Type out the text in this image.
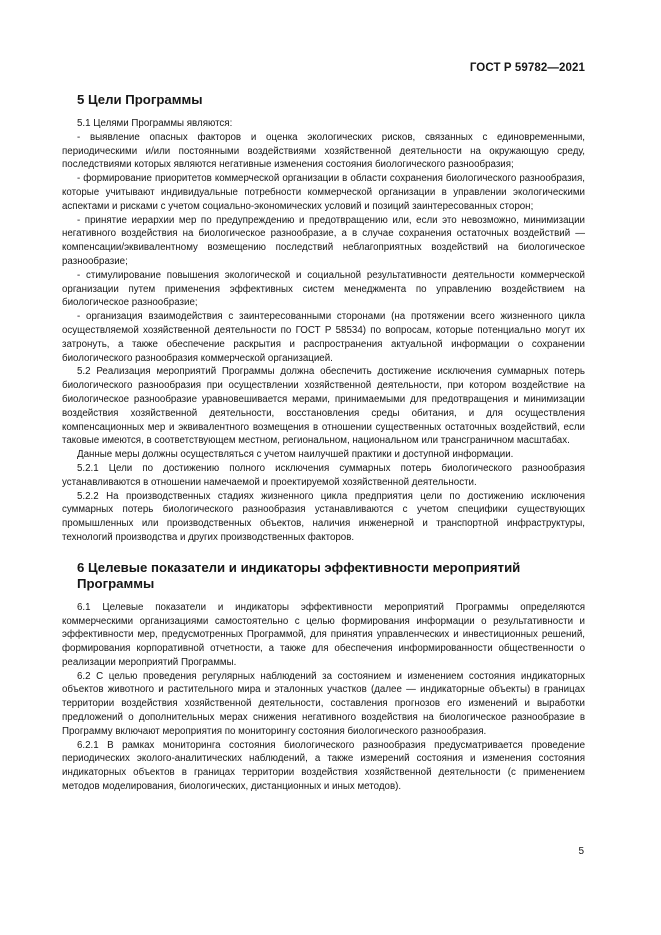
ГОСТ Р 59782—2021
5 Цели Программы

5.1 Целями Программы являются:

- выявление опасных факторов и оценка экологических рисков, связанных с единовременными, периодическими и/или постоянными воздействиями хозяйственной деятельности на окружающую среду, последствиями которых являются негативные изменения состояния биологического разнообразия;

- формирование приоритетов коммерческой организации в области сохранения биологического разнообразия, которые учитывают индивидуальные потребности коммерческой организации в управлении экологическими аспектами и рисками с учетом социально-экономических условий и позиций заинтересованных сторон;

- принятие иерархии мер по предупреждению и предотвращению или, если это невозможно, минимизации негативного воздействия на биологическое разнообразие, а в случае сохранения остаточных воздействий — компенсации/эквивалентному возмещению последствий неблагоприятных воздействий на биологическое разнообразие;

- стимулирование повышения экологической и социальной результативности деятельности коммерческой организации путем применения эффективных систем менеджмента по управлению воздействием на биологическое разнообразие;

- организация взаимодействия с заинтересованными сторонами (на протяжении всего жизненного цикла осуществляемой хозяйственной деятельности по ГОСТ Р 58534) по вопросам, которые потенциально могут их затронуть, а также обеспечение раскрытия и распространения актуальной информации о сохранении биологического разнообразия коммерческой организацией.

5.2 Реализация мероприятий Программы должна обеспечить достижение исключения суммарных потерь биологического разнообразия при осуществлении хозяйственной деятельности, при котором воздействие на биологическое разнообразие уравновешивается мерами, принимаемыми для предотвращения и минимизации воздействия хозяйственной деятельности, восстановления среды обитания, и для осуществления компенсационных мер и эквивалентного возмещения в отношении существенных остаточных воздействий, если таковые имеются, в соответствующем местном, региональном, национальном или трансграничном масштабах.

Данные меры должны осуществляться с учетом наилучшей практики и доступной информации.

5.2.1 Цели по достижению полного исключения суммарных потерь биологического разнообразия устанавливаются в отношении намечаемой и проектируемой хозяйственной деятельности.

5.2.2 На производственных стадиях жизненного цикла предприятия цели по достижению исключения суммарных потерь биологического разнообразия устанавливаются с учетом специфики существующих промышленных или производственных объектов, наличия инженерной и транспортной инфраструктуры, технологий производства и других производственных факторов.

6 Целевые показатели и индикаторы эффективности мероприятий Программы

6.1 Целевые показатели и индикаторы эффективности мероприятий Программы определяются коммерческими организациями самостоятельно с целью формирования информации о результативности и эффективности мер, предусмотренных Программой, для принятия управленческих и инвестиционных решений, формирования корпоративной отчетности, а также для обеспечения информированности общественности о реализации мероприятий Программы.

6.2 С целью проведения регулярных наблюдений за состоянием и изменением состояния индикаторных объектов животного и растительного мира и эталонных участков (далее — индикаторные объекты) в границах территории воздействия хозяйственной деятельности, составления прогнозов его изменений и выработки предложений о дополнительных мерах снижения негативного воздействия на биологическое разнообразие в Программу включают мероприятия по мониторингу состояния биологического разнообразия.

6.2.1 В рамках мониторинга состояния биологического разнообразия предусматривается проведение периодических эколого-аналитических наблюдений, а также измерений состояния и изменения состояния индикаторных объектов в границах территории воздействия хозяйственной деятельности (с применением методов моделирования, биологических, дистанционных и иных методов).

5
